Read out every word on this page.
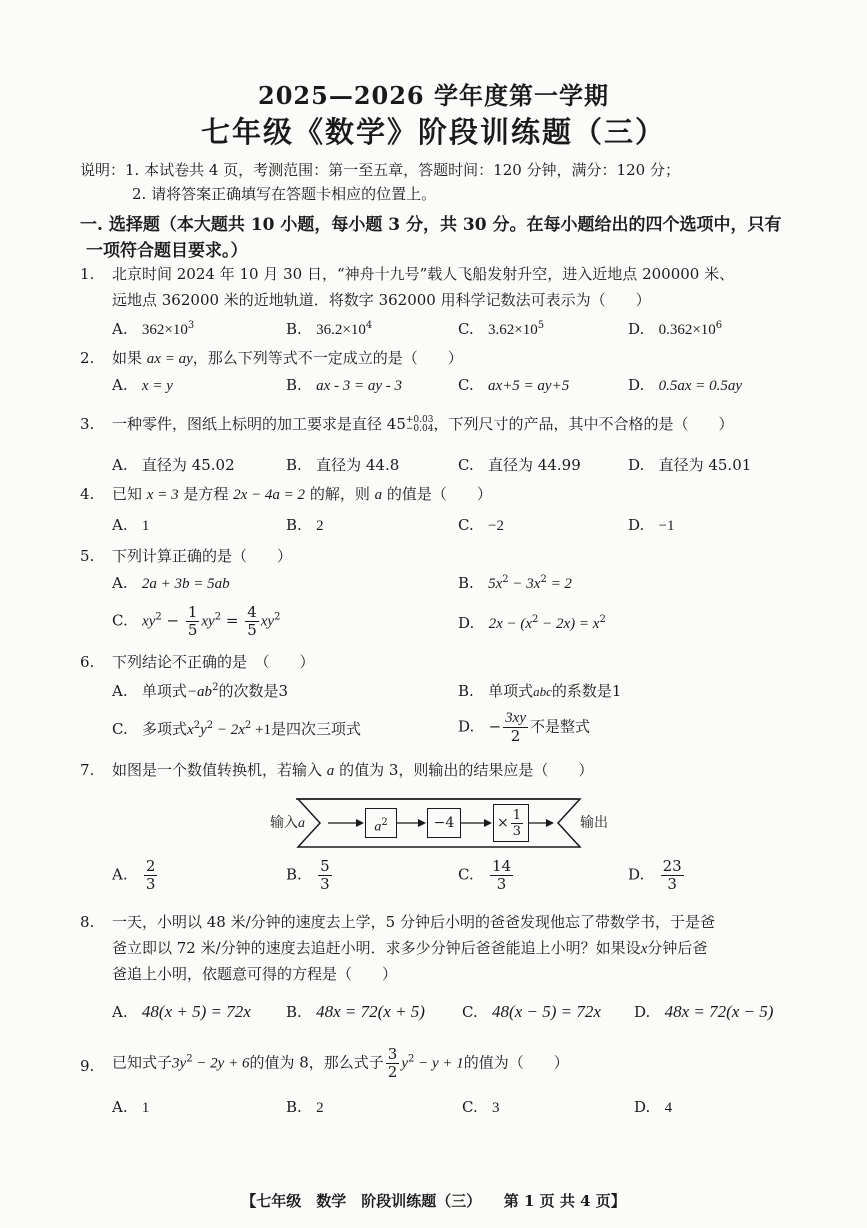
2025—2026 学年度第一学期
七年级《数学》阶段训练题（三）
说明：1. 本试卷共 4 页，考测范围：第一至五章，答题时间：120 分钟，满分：120 分；
2. 请将答案正确填写在答题卡相应的位置上。
一. 选择题（本大题共 10 小题，每小题 3 分，共 30 分。在每小题给出的四个选项中，只有
一项符合题目要求。）
1. 北京时间 2024 年 10 月 30 日，“神舟十九号”载人飞船发射升空，进入近地点 200000 米、
远地点 362000 米的近地轨道．将数字 362000 用科学记数法可表示为（　　）
A. $362\times 10^3$	B. $36.2\times 10^4$	C. $3.62\times 10^5$	D. $0.362\times 10^6$
2. 如果 ax = ay，那么下列等式不一定成立的是（　　）
A. x = y	B. ax - 3 = ay - 3	C. ax+5 = ay+5	D. 0.5ax = 0.5ay
3. 一种零件，图纸上标明的加工要求是直径 45+0.03
−0.04，下列尺寸的产品，其中不合格的是（　　）
A. 直径为 45.02	B. 直径为 44.8	C. 直径为 44.99	D. 直径为 45.01
4. 已知 x = 3 是方程 2x − 4a = 2 的解，则 a 的值是（　　）
A. 1	B. 2	C. −2	D. −1
5. 下列计算正确的是（　　）
A. 2a + 3b = 5ab	B. $5x^2 - 3x^2 = 2$
C. $xy^2 - \frac{1}{5} xy^2 = \frac{4}{5} xy^2$	D. $2x - (x^2 - 2x) = x^2$
6. 下列结论不正确的是　（　　）
A. 单项式$-ab^2$的次数是3	B. 单项式abc的系数是1
C. 多项式$x^2y^2 - 2x^2 +1$是四次三项式	D. − $\frac{3xy}{2}$ 不是整式
7. 如图是一个数值转换机，若输入 a 的值为 3，则输出的结果应是（　　）
输入a	$a^2$	−4	× $\frac{1}{3}$	输出
A. $\frac{2}{3}$	B. $\frac{5}{3}$	C. $\frac{14}{3}$	D. $\frac{23}{3}$
8. 一天，小明以 48 米/分钟的速度去上学，5 分钟后小明的爸爸发现他忘了带数学书，于是爸
爸立即以 72 米/分钟的速度去追赶小明．求多少分钟后爸爸能追上小明？如果设x分钟后爸
爸追上小明，依题意可得的方程是（　　）
A. 48(x + 5) = 72x B. 48x = 72(x + 5) C. 48(x − 5) = 72x D. 48x = 72(x − 5)
9. 已知式子$3y^2 - 2y + 6$的值为 8，那么式子 $\frac{3}{2} y^2 - y + 1$的值为（　　）
A. 1	B. 2	C. 3	D. 4
【七年级　数学　阶段训练题（三）　　第 1 页 共 4 页】
